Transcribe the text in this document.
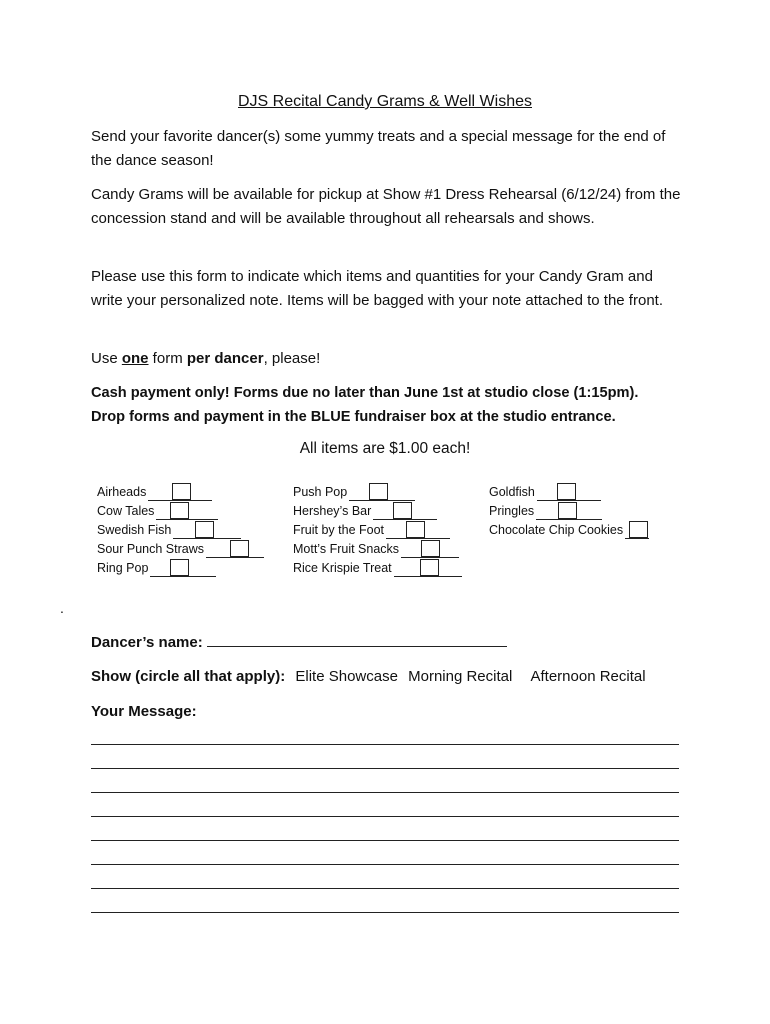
DJS Recital Candy Grams & Well Wishes
Send your favorite dancer(s) some yummy treats and a special message for the end of the dance season!
Candy Grams will be available for pickup at Show #1 Dress Rehearsal (6/12/24) from the concession stand and will be available throughout all rehearsals and shows.
Please use this form to indicate which items and quantities for your Candy Gram and write your personalized note. Items will be bagged with your note attached to the front.
Use one form per dancer, please!
Cash payment only! Forms due no later than June 1st at studio close (1:15pm).
Drop forms and payment in the BLUE fundraiser box at the studio entrance.
All items are $1.00 each!
Airheads
Cow Tales
Swedish Fish
Sour Punch Straws
Ring Pop
Push Pop
Hershey’s Bar
Fruit by the Foot
Mott’s Fruit Snacks
Rice Krispie Treat
Goldfish
Pringles
Chocolate Chip Cookies
.
Dancer’s name:
Show (circle all that apply): Elite Showcase Morning Recital Afternoon Recital
Your Message:
